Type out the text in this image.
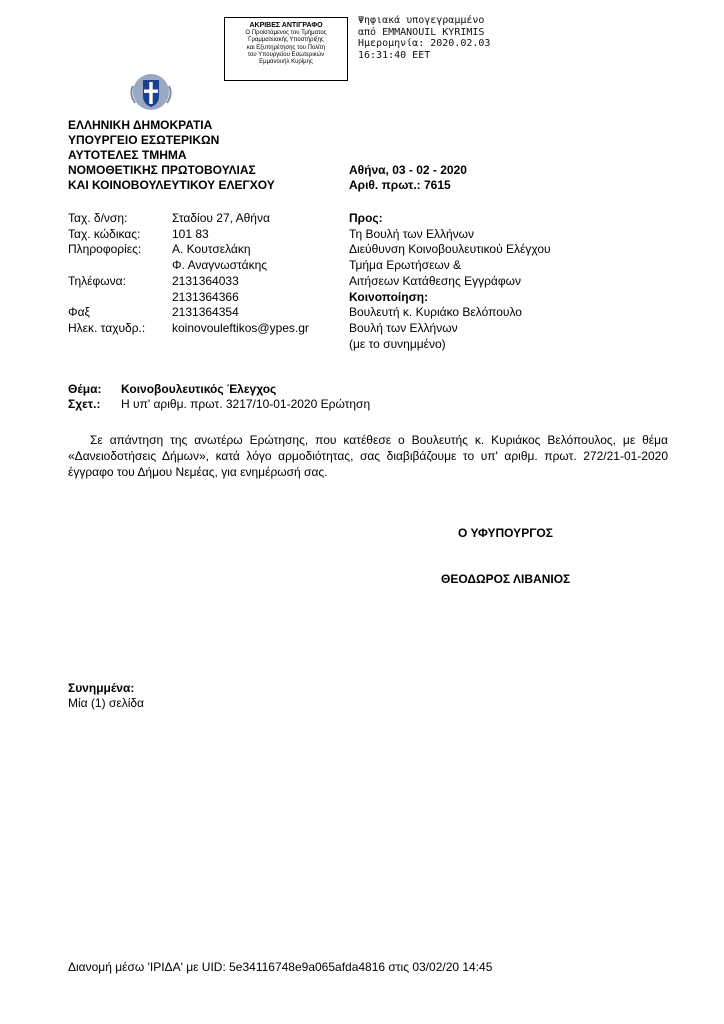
ΑΚΡΙΒΕΣ ΑΝΤΙΓΡΑΦΟ
Ο Προϊστάμενος του Τμήματος
Γραμματειακής Υποστήριξης
και Εξυπηρέτησης του Πολίτη
του Υπουργείου Εσωτερικών
Εμμανουήλ Κυρίμης
Ψηφιακά υπογεγραμμένο
από EMMANOUIL KYRIMIS
Ημερομηνία: 2020.02.03
16:31:40 EET
ΕΛΛΗΝΙΚΗ ΔΗΜΟΚΡΑΤΙΑ
ΥΠΟΥΡΓΕΙΟ ΕΣΩΤΕΡΙΚΩΝ
ΑΥΤΟΤΕΛΕΣ ΤΜΗΜΑ
ΝΟΜΟΘΕΤΙΚΗΣ ΠΡΩΤΟΒΟΥΛΙΑΣ
ΚΑΙ ΚΟΙΝΟΒΟΥΛΕΥΤΙΚΟΥ ΕΛΕΓΧΟΥ
Αθήνα, 03 - 02 - 2020
Αριθ. πρωτ.: 7615
Ταχ. δ/νση:
Ταχ. κώδικας:
Πληροφορίες:

Τηλέφωνα:

Φαξ
Ηλεκ. ταχυδρ.:
Σταδίου 27, Αθήνα
101 83
Α. Κουτσελάκη
Φ. Αναγνωστάκης
2131364033
2131364366
2131364354
koinovouleftikos@ypes.gr
Προς:
Τη Βουλή των Ελλήνων
Διεύθυνση Κοινοβουλευτικού Ελέγχου
Τμήμα Ερωτήσεων &
Αιτήσεων Κατάθεσης Εγγράφων
Κοινοποίηση:
Βουλευτή κ. Κυριάκο Βελόπουλο
Βουλή των Ελλήνων
(με το συνημμένο)
Θέμα: Κοινοβουλευτικός Έλεγχος
Σχετ.: Η υπ' αριθμ. πρωτ. 3217/10-01-2020 Ερώτηση
Σε απάντηση της ανωτέρω Ερώτησης, που κατέθεσε ο Βουλευτής κ. Κυριάκος Βελόπουλος, με θέμα «Δανειοδοτήσεις Δήμων», κατά λόγο αρμοδιότητας, σας διαβιβάζουμε το υπ' αριθμ. πρωτ. 272/21-01-2020 έγγραφο του Δήμου Νεμέας, για ενημέρωσή σας.
Ο ΥΦΥΠΟΥΡΓΟΣ
ΘΕΟΔΩΡΟΣ ΛΙΒΑΝΙΟΣ
Συνημμένα:
Μία (1) σελίδα
Διανομή μέσω 'ΙΡΙΔΑ' με UID: 5e34116748e9a065afda4816 στις 03/02/20 14:45
